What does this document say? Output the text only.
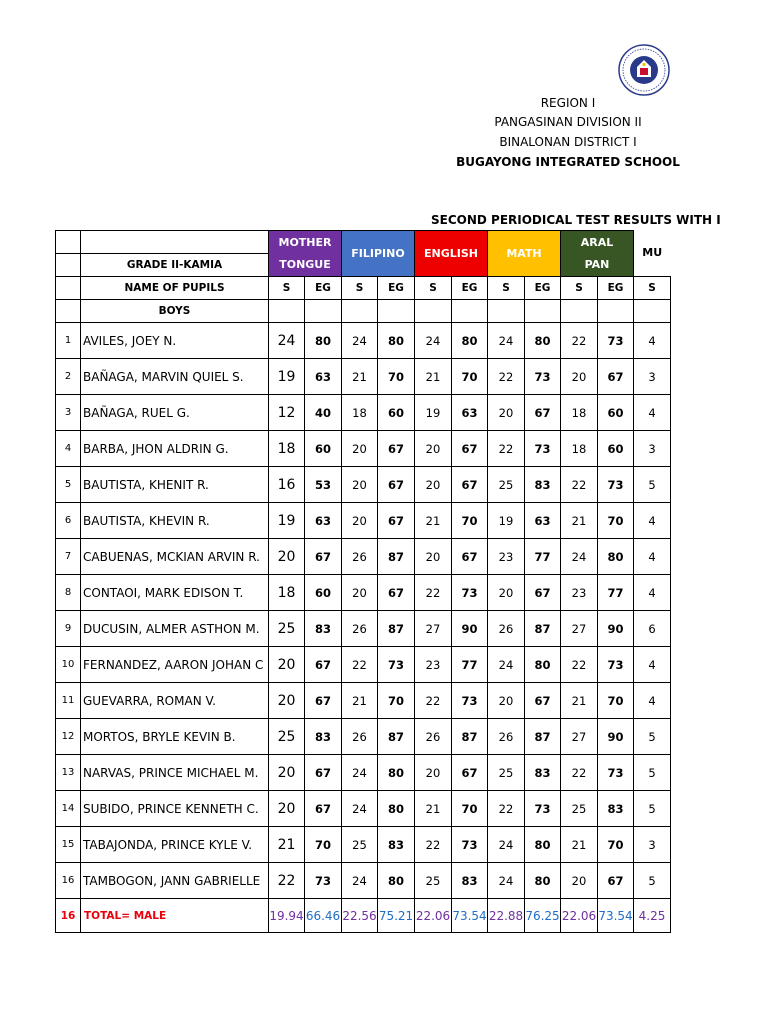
REGION I
PANGASINAN DIVISION II
BINALONAN DISTRICT I
BUGAYONG INTEGRATED SCHOOL
SECOND PERIODICAL TEST RESULTS WITH I
		MOTHER
TONGUE		FILIPINO		ENGLISH		MATH		ARAL
PAN		MU
	GRADE II-KAMIA											
	NAME OF PUPILS	S	EG	S	EG	S	EG	S	EG	S	EG	S
	BOYS											
1	AVILES, JOEY N.	24	80	24	80	24	80	24	80	22	73	4
2	BAÑAGA, MARVIN QUIEL S.	19	63	21	70	21	70	22	73	20	67	3
3	BAÑAGA, RUEL G.	12	40	18	60	19	63	20	67	18	60	4
4	BARBA, JHON ALDRIN G.	18	60	20	67	20	67	22	73	18	60	3
5	BAUTISTA, KHENIT R.	16	53	20	67	20	67	25	83	22	73	5
6	BAUTISTA, KHEVIN R.	19	63	20	67	21	70	19	63	21	70	4
7	CABUENAS, MCKIAN ARVIN R.	20	67	26	87	20	67	23	77	24	80	4
8	CONTAOI, MARK EDISON T.	18	60	20	67	22	73	20	67	23	77	4
9	DUCUSIN, ALMER ASTHON M.	25	83	26	87	27	90	26	87	27	90	6
10	FERNANDEZ, AARON JOHAN C	20	67	22	73	23	77	24	80	22	73	4
11	GUEVARRA, ROMAN V.	20	67	21	70	22	73	20	67	21	70	4
12	MORTOS, BRYLE KEVIN B.	25	83	26	87	26	87	26	87	27	90	5
13	NARVAS, PRINCE MICHAEL M.	20	67	24	80	20	67	25	83	22	73	5
14	SUBIDO, PRINCE KENNETH C.	20	67	24	80	21	70	22	73	25	83	5
15	TABAJONDA, PRINCE KYLE V.	21	70	25	83	22	73	24	80	21	70	3
16	TAMBOGON, JANN GABRIELLE	22	73	24	80	25	83	24	80	20	67	5
16	TOTAL= MALE	19.94	66.46	22.56	75.21	22.06	73.54	22.88	76.25	22.06	73.54	4.25
